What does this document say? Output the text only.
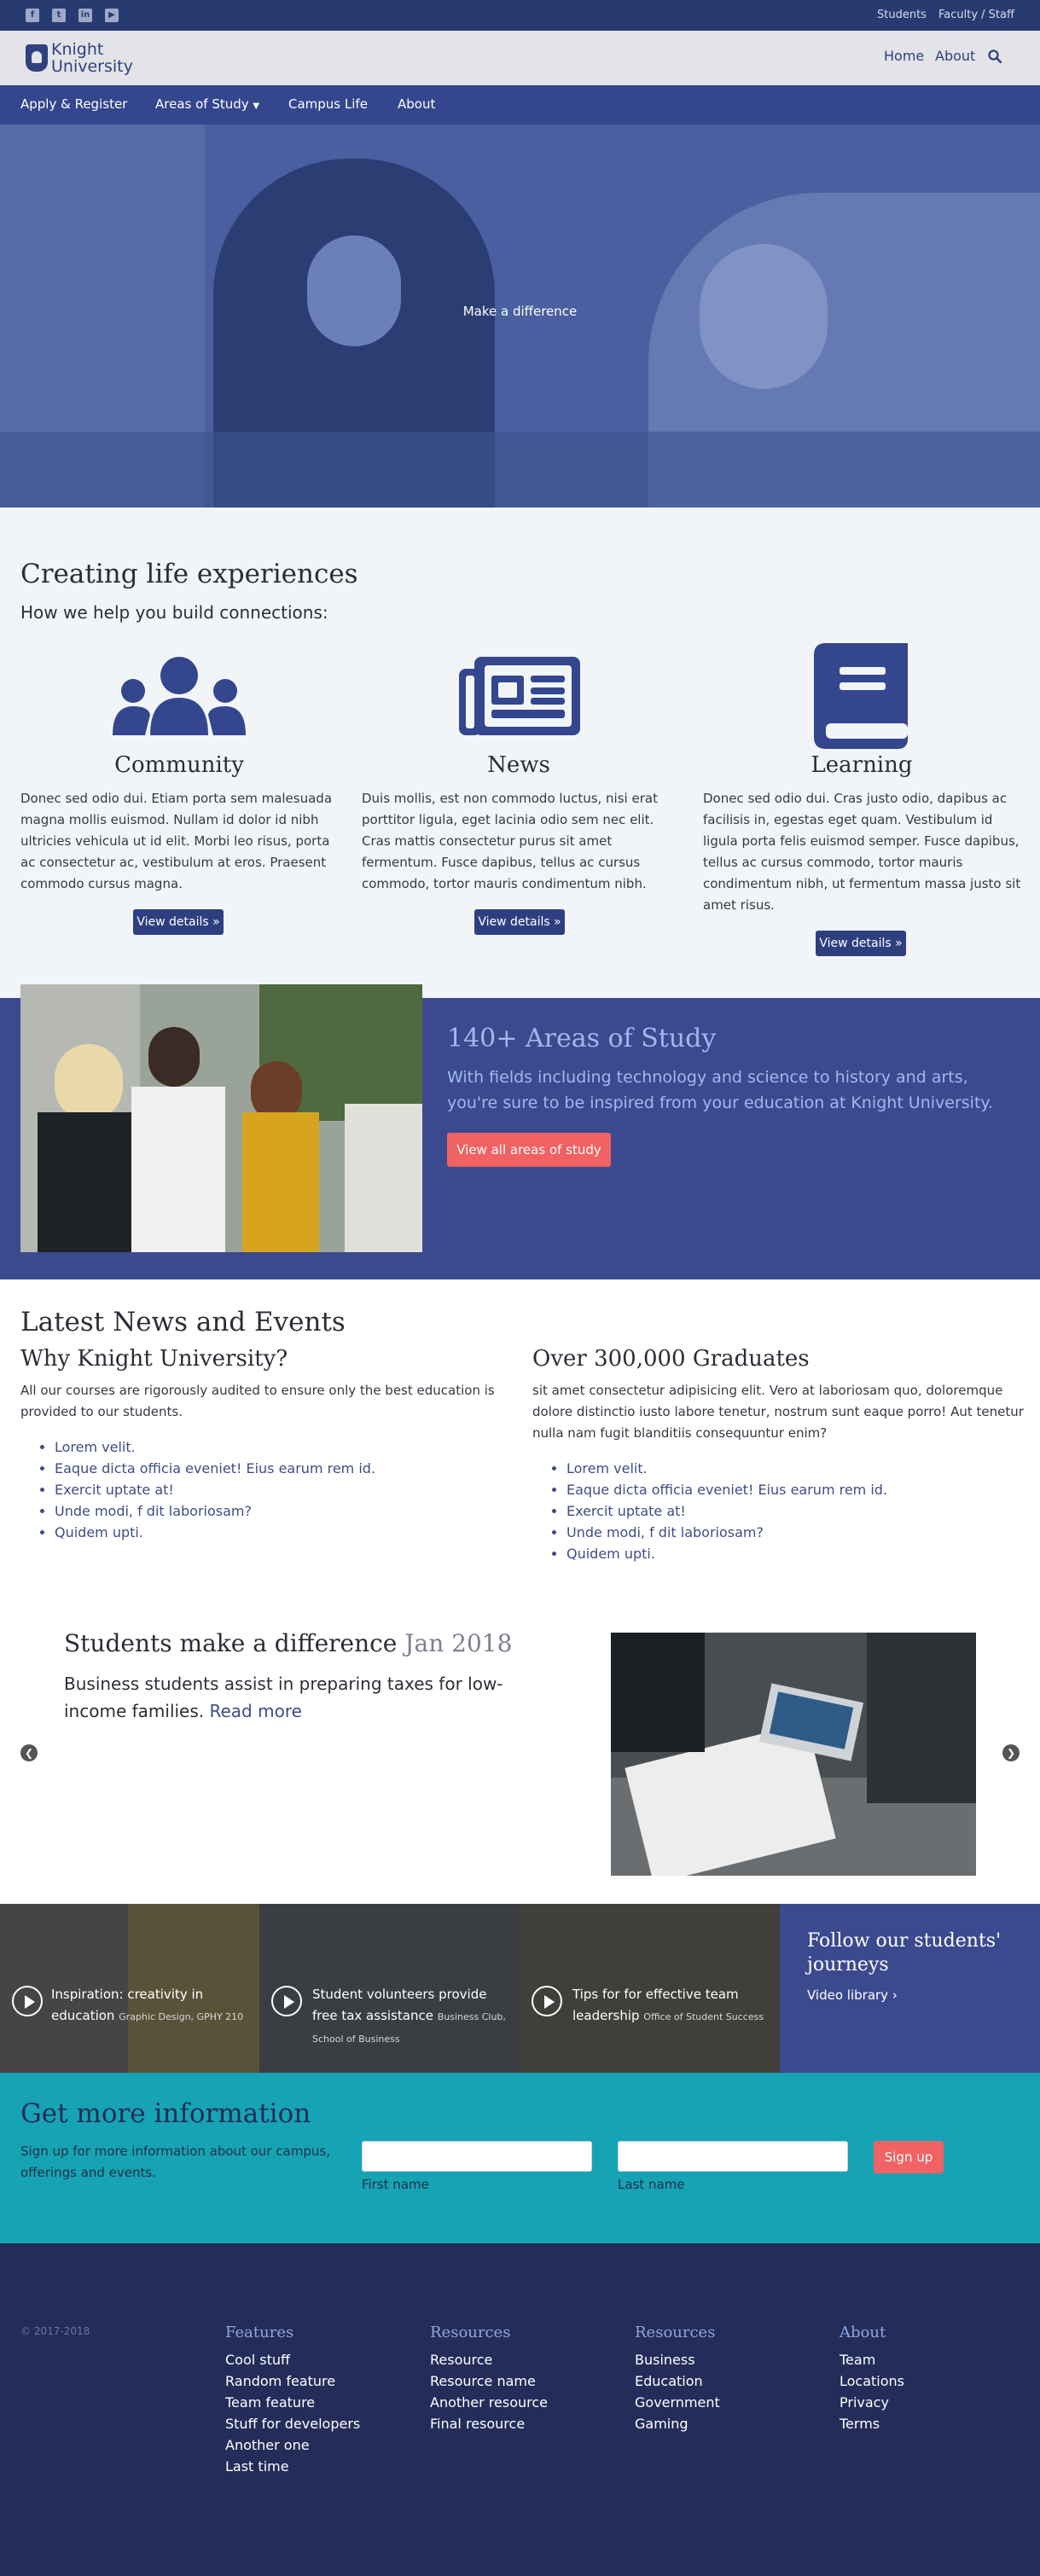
f	t	in	▶	Students Faculty / Staff
Knight
University
Home About
Apply & Register	Areas of Study ▼ Campus Life About
Make a difference
Creating life experiences
How we help you build connections:
Community

Donec sed odio dui. Etiam porta sem malesuada magna mollis euismod. Nullam id dolor id nibh ultricies vehicula ut id elit. Morbi leo risus, porta ac consectetur ac, vestibulum at eros. Praesent commodo cursus magna.

View details »
News

Duis mollis, est non commodo luctus, nisi erat porttitor ligula, eget lacinia odio sem nec elit. Cras mattis consectetur purus sit amet fermentum. Fusce dapibus, tellus ac cursus commodo, tortor mauris condimentum nibh.

View details »
Learning

Donec sed odio dui. Cras justo odio, dapibus ac facilisis in, egestas eget quam. Vestibulum id ligula porta felis euismod semper. Fusce dapibus, tellus ac cursus commodo, tortor mauris condimentum nibh, ut fermentum massa justo sit amet risus.

View details »
140+ Areas of Study

With fields including technology and science to history and arts, you're sure to be inspired from your education at Knight University.

View all areas of study
Latest News and Events
Why Knight University?

All our courses are rigorously audited to ensure only the best education is provided to our students.

• Lorem velit.
• Eaque dicta officia eveniet! Eius earum rem id.
• Exercit uptate at!
• Unde modi, f dit laboriosam?
• Quidem upti.
Over 300,000 Graduates

sit amet consectetur adipisicing elit. Vero at laboriosam quo, doloremque dolore distinctio iusto labore tenetur, nostrum sunt eaque porro! Aut tenetur nulla nam fugit blanditiis consequuntur enim?

• Lorem velit.
• Eaque dicta officia eveniet! Eius earum rem id.
• Exercit uptate at!
• Unde modi, f dit laboriosam?
• Quidem upti.
❮	❯
Students make a difference Jan 2018

Business students assist in preparing taxes for low-income families. Read more

Inspiration: creativity in education Graphic Design, GPHY 210
Student volunteers provide free tax assistance Business Club, School of Business
Tips for for effective team leadership Office of Student Success
Follow our students' journeys
Video library ›
Get more information

Sign up for more information about our campus, offerings and events.

First name	Last name
Sign up
© 2017-2018	Features
Cool stuff
Random feature
Team feature
Stuff for developers
Another one
Last time
Resources
Resource
Resource name
Another resource
Final resource
Resources
Business
Education
Government
Gaming
About
Team
Locations
Privacy
Terms
